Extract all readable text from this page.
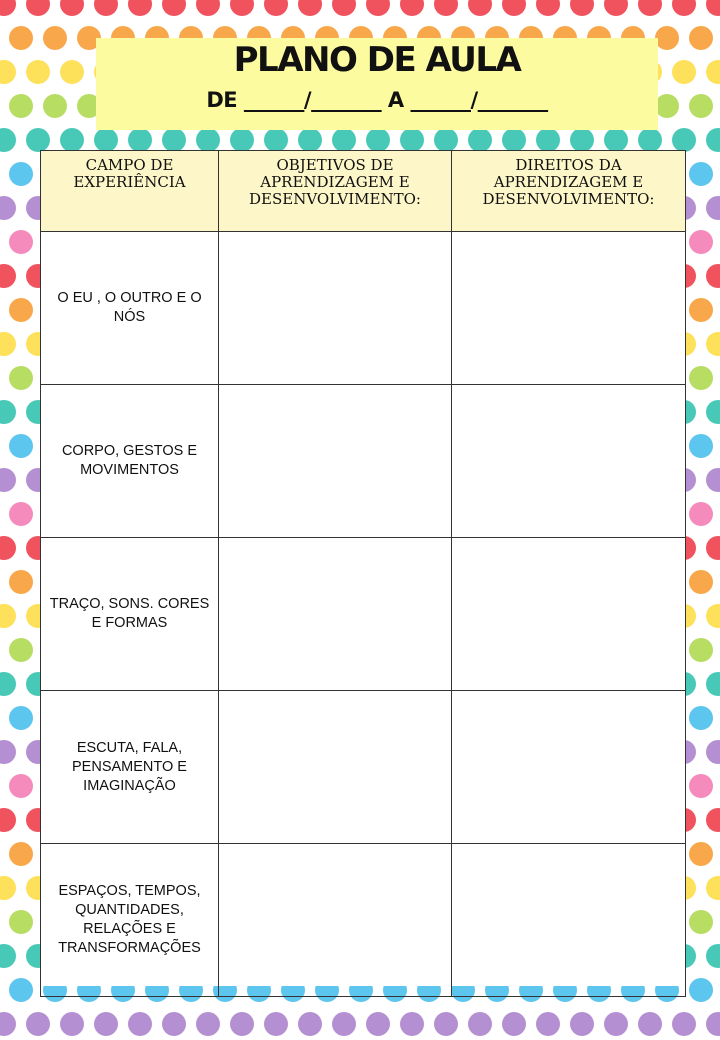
PLANO DE AULA
DE ______/_______ A ______/_______
CAMPO DE EXPERIÊNCIA	OBJETIVOS DE APRENDIZAGEM E DESENVOLVIMENTO:	DIREITOS DA APRENDIZAGEM E DESENVOLVIMENTO:
O EU , O OUTRO E O NÓS		
CORPO, GESTOS E MOVIMENTOS		
TRAÇO, SONS. CORES E FORMAS		
ESCUTA, FALA, PENSAMENTO E IMAGINAÇÃO		
ESPAÇOS, TEMPOS, QUANTIDADES, RELAÇÕES E TRANSFORMAÇÕES		
